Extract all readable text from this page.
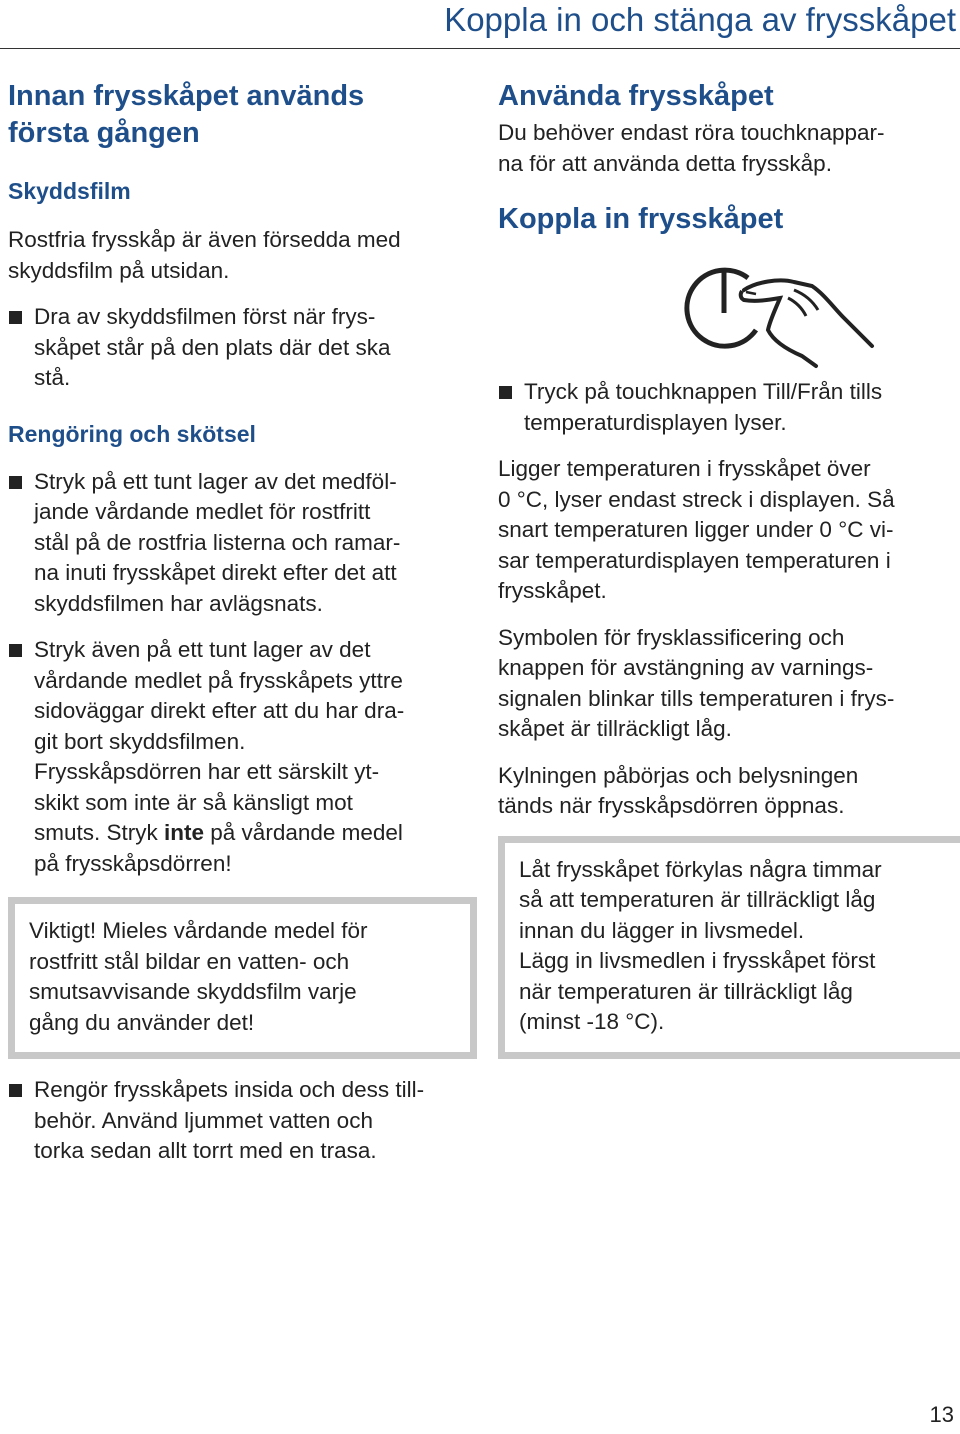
Koppla in och stänga av frysskåpet
Innan frysskåpet används
första gången
Skyddsfilm

Rostfria frysskåp är även försedda med
skyddsfilm på utsidan.

Dra av skyddsfilmen först när frys-
skåpet står på den plats där det ska
stå.
Rengöring och skötsel
Stryk på ett tunt lager av det medföl-
jande vårdande medlet för rostfritt
stål på de rostfria listerna och ramar-
na inuti frysskåpet direkt efter det att
skyddsfilmen har avlägsnats.
Stryk även på ett tunt lager av det
vårdande medlet på frysskåpets yttre
sidoväggar direkt efter att du har dra-
git bort skyddsfilmen.
Frysskåpsdörren har ett särskilt yt-
skikt som inte är så känsligt mot
smuts. Stryk inte på vårdande medel
på frysskåpsdörren!

Viktigt! Mieles vårdande medel för
rostfritt stål bildar en vatten- och
smutsavvisande skyddsfilm varje
gång du använder det!

Rengör frysskåpets insida och dess till-
behör. Använd ljummet vatten och
torka sedan allt torrt med en trasa.
Använda frysskåpet

Du behöver endast röra touchknappar-
na för att använda detta frysskåp.

Koppla in frysskåpet
Tryck på touchknappen Till/Från tills
temperaturdisplayen lyser.

Ligger temperaturen i frysskåpet över
0 °C, lyser endast streck i displayen. Så
snart temperaturen ligger under 0 °C vi-
sar temperaturdisplayen temperaturen i
frysskåpet.

Symbolen för frysklassificering och
knappen för avstängning av varnings-
signalen blinkar tills temperaturen i frys-
skåpet är tillräckligt låg.

Kylningen påbörjas och belysningen
tänds när frysskåpsdörren öppnas.

Låt frysskåpet förkylas några timmar
så att temperaturen är tillräckligt låg
innan du lägger in livsmedel.
Lägg in livsmedlen i frysskåpet först
när temperaturen är tillräckligt låg
(minst -18 °C).

13
